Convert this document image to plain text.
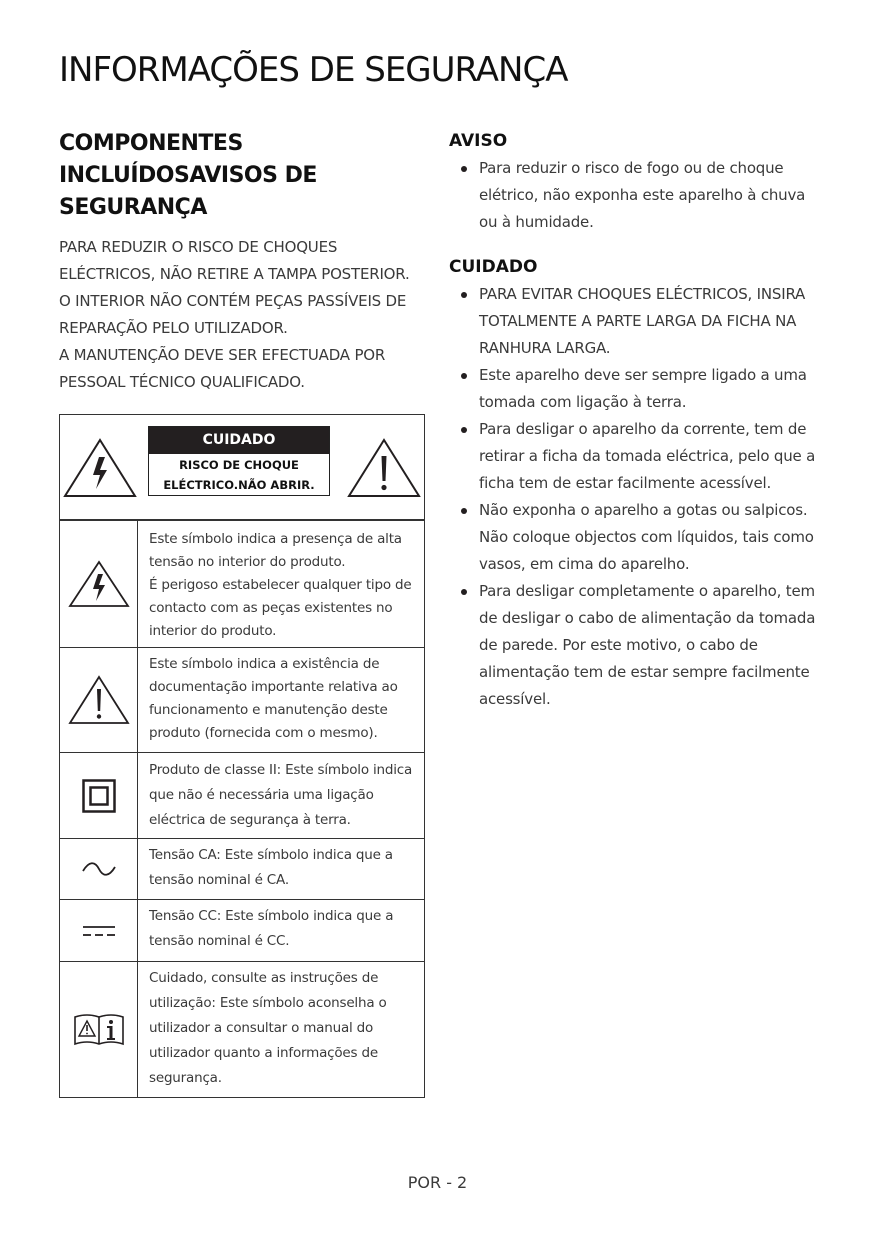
INFORMAÇÕES DE SEGURANÇA
COMPONENTES
INCLUÍDOSAVISOS DE
SEGURANÇA
PARA REDUZIR O RISCO DE CHOQUES
ELÉCTRICOS, NÃO RETIRE A TAMPA POSTERIOR.
O INTERIOR NÃO CONTÉM PEÇAS PASSÍVEIS DE
REPARAÇÃO PELO UTILIZADOR.
A MANUTENÇÃO DEVE SER EFECTUADA POR
PESSOAL TÉCNICO QUALIFICADO.
CUIDADO
RISCO DE CHOQUE
ELÉCTRICO.NÃO ABRIR.
Este símbolo indica a presença de alta
tensão no interior do produto.
É perigoso estabelecer qualquer tipo de
contacto com as peças existentes no
interior do produto.
Este símbolo indica a existência de
documentação importante relativa ao
funcionamento e manutenção deste
produto (fornecida com o mesmo).
Produto de classe II: Este símbolo indica
que não é necessária uma ligação
eléctrica de segurança à terra.
Tensão CA: Este símbolo indica que a
tensão nominal é CA.
Tensão CC: Este símbolo indica que a
tensão nominal é CC.
Cuidado, consulte as instruções de
utilização: Este símbolo aconselha o
utilizador a consultar o manual do
utilizador quanto a informações de
segurança.
AVISO
Para reduzir o risco de fogo ou de choque
elétrico, não exponha este aparelho à chuva
ou à humidade.
CUIDADO
PARA EVITAR CHOQUES ELÉCTRICOS, INSIRA
TOTALMENTE A PARTE LARGA DA FICHA NA
RANHURA LARGA.
Este aparelho deve ser sempre ligado a uma
tomada com ligação à terra.
Para desligar o aparelho da corrente, tem de
retirar a ficha da tomada eléctrica, pelo que a
ficha tem de estar facilmente acessível.
Não exponha o aparelho a gotas ou salpicos.
Não coloque objectos com líquidos, tais como
vasos, em cima do aparelho.
Para desligar completamente o aparelho, tem
de desligar o cabo de alimentação da tomada
de parede. Por este motivo, o cabo de
alimentação tem de estar sempre facilmente
acessível.
POR - 2
